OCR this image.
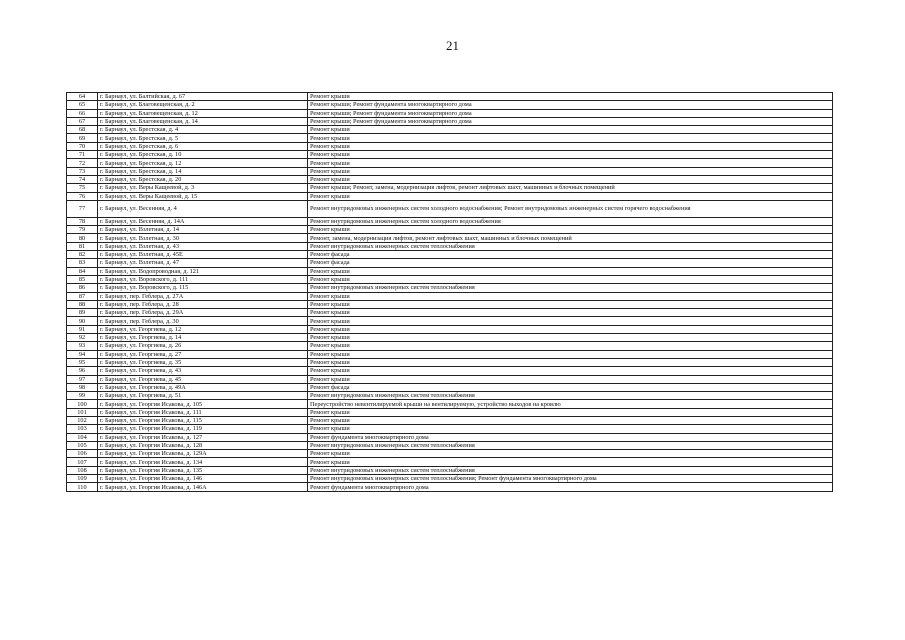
21
64	г. Барнаул, ул. Балтийская, д. 67	Ремонт крыши
65	г. Барнаул, ул. Благовещенская, д. 2	Ремонт крыши; Ремонт фундамента многоквартирного дома
66	г. Барнаул, ул. Благовещенская, д. 12	Ремонт крыши; Ремонт фундамента многоквартирного дома
67	г. Барнаул, ул. Благовещенская, д. 14	Ремонт крыши; Ремонт фундамента многоквартирного дома
68	г. Барнаул, ул. Брестская, д. 4	Ремонт крыши
69	г. Барнаул, ул. Брестская, д. 5	Ремонт крыши
70	г. Барнаул, ул. Брестская, д. 6	Ремонт крыши
71	г. Барнаул, ул. Брестская, д. 10	Ремонт крыши
72	г. Барнаул, ул. Брестская, д. 12	Ремонт крыши
73	г. Барнаул, ул. Брестская, д. 14	Ремонт крыши
74	г. Барнаул, ул. Брестская, д. 20	Ремонт крыши
75	г. Барнаул, ул. Веры Кащеевой, д. 3	Ремонт крыши; Ремонт, замена, модернизация лифтов, ремонт лифтовых шахт, машинных и блочных помещений
76	г. Барнаул, ул. Веры Кащеевой, д. 15	Ремонт крыши
77	г. Барнаул, ул. Весенняя, д. 4	Ремонт внутридомовых инженерных систем холодного водоснабжения; Ремонт внутридомовых инженерных систем горячего водоснабжения
78	г. Барнаул, ул. Весенняя, д. 14А	Ремонт внутридомовых инженерных систем холодного водоснабжения
79	г. Барнаул, ул. Взлетная, д. 14	Ремонт крыши
80	г. Барнаул, ул. Взлетная, д. 30	Ремонт, замена, модернизация лифтов, ремонт лифтовых шахт, машинных и блочных помещений
81	г. Барнаул, ул. Взлетная, д. 43	Ремонт внутридомовых инженерных систем теплоснабжения
82	г. Барнаул, ул. Взлетная, д. 45Е	Ремонт фасада
83	г. Барнаул, ул. Взлетная, д. 47	Ремонт фасада
84	г. Барнаул, ул. Водопроводная, д. 121	Ремонт крыши
85	г. Барнаул, ул. Воровского, д. 111	Ремонт крыши
86	г. Барнаул, ул. Воровского, д. 115	Ремонт внутридомовых инженерных систем теплоснабжения
87	г. Барнаул, пер. Геблера, д. 27А	Ремонт крыши
88	г. Барнаул, пер. Геблера, д. 28	Ремонт крыши
89	г. Барнаул, пер. Геблера, д. 29А	Ремонт крыши
90	г. Барнаул, пер. Геблера, д. 30	Ремонт крыши
91	г. Барнаул, ул. Георгиева, д. 12	Ремонт крыши
92	г. Барнаул, ул. Георгиева, д. 14	Ремонт крыши
93	г. Барнаул, ул. Георгиева, д. 26	Ремонт крыши
94	г. Барнаул, ул. Георгиева, д. 27	Ремонт крыши
95	г. Барнаул, ул. Георгиева, д. 35	Ремонт крыши
96	г. Барнаул, ул. Георгиева, д. 43	Ремонт крыши
97	г. Барнаул, ул. Георгиева, д. 45	Ремонт крыши
98	г. Барнаул, ул. Георгиева, д. 49А	Ремонт фасада
99	г. Барнаул, ул. Георгиева, д. 51	Ремонт внутридомовых инженерных систем теплоснабжения
100	г. Барнаул, ул. Георгия Исакова, д. 105	Переустройство невентилируемой крыши на вентилируемую, устройство выходов на кровлю
101	г. Барнаул, ул. Георгия Исакова, д. 111	Ремонт крыши
102	г. Барнаул, ул. Георгия Исакова, д. 115	Ремонт крыши
103	г. Барнаул, ул. Георгия Исакова, д. 119	Ремонт крыши
104	г. Барнаул, ул. Георгия Исакова, д. 127	Ремонт фундамента многоквартирного дома
105	г. Барнаул, ул. Георгия Исакова, д. 128	Ремонт внутридомовых инженерных систем теплоснабжения
106	г. Барнаул, ул. Георгия Исакова, д. 129А	Ремонт крыши
107	г. Барнаул, ул. Георгия Исакова, д. 134	Ремонт крыши
108	г. Барнаул, ул. Георгия Исакова, д. 135	Ремонт внутридомовых инженерных систем теплоснабжения
109	г. Барнаул, ул. Георгия Исакова, д. 146	Ремонт внутридомовых инженерных систем теплоснабжения; Ремонт фундамента многоквартирного дома
110	г. Барнаул, ул. Георгия Исакова, д. 146А	Ремонт фундамента многоквартирного дома
